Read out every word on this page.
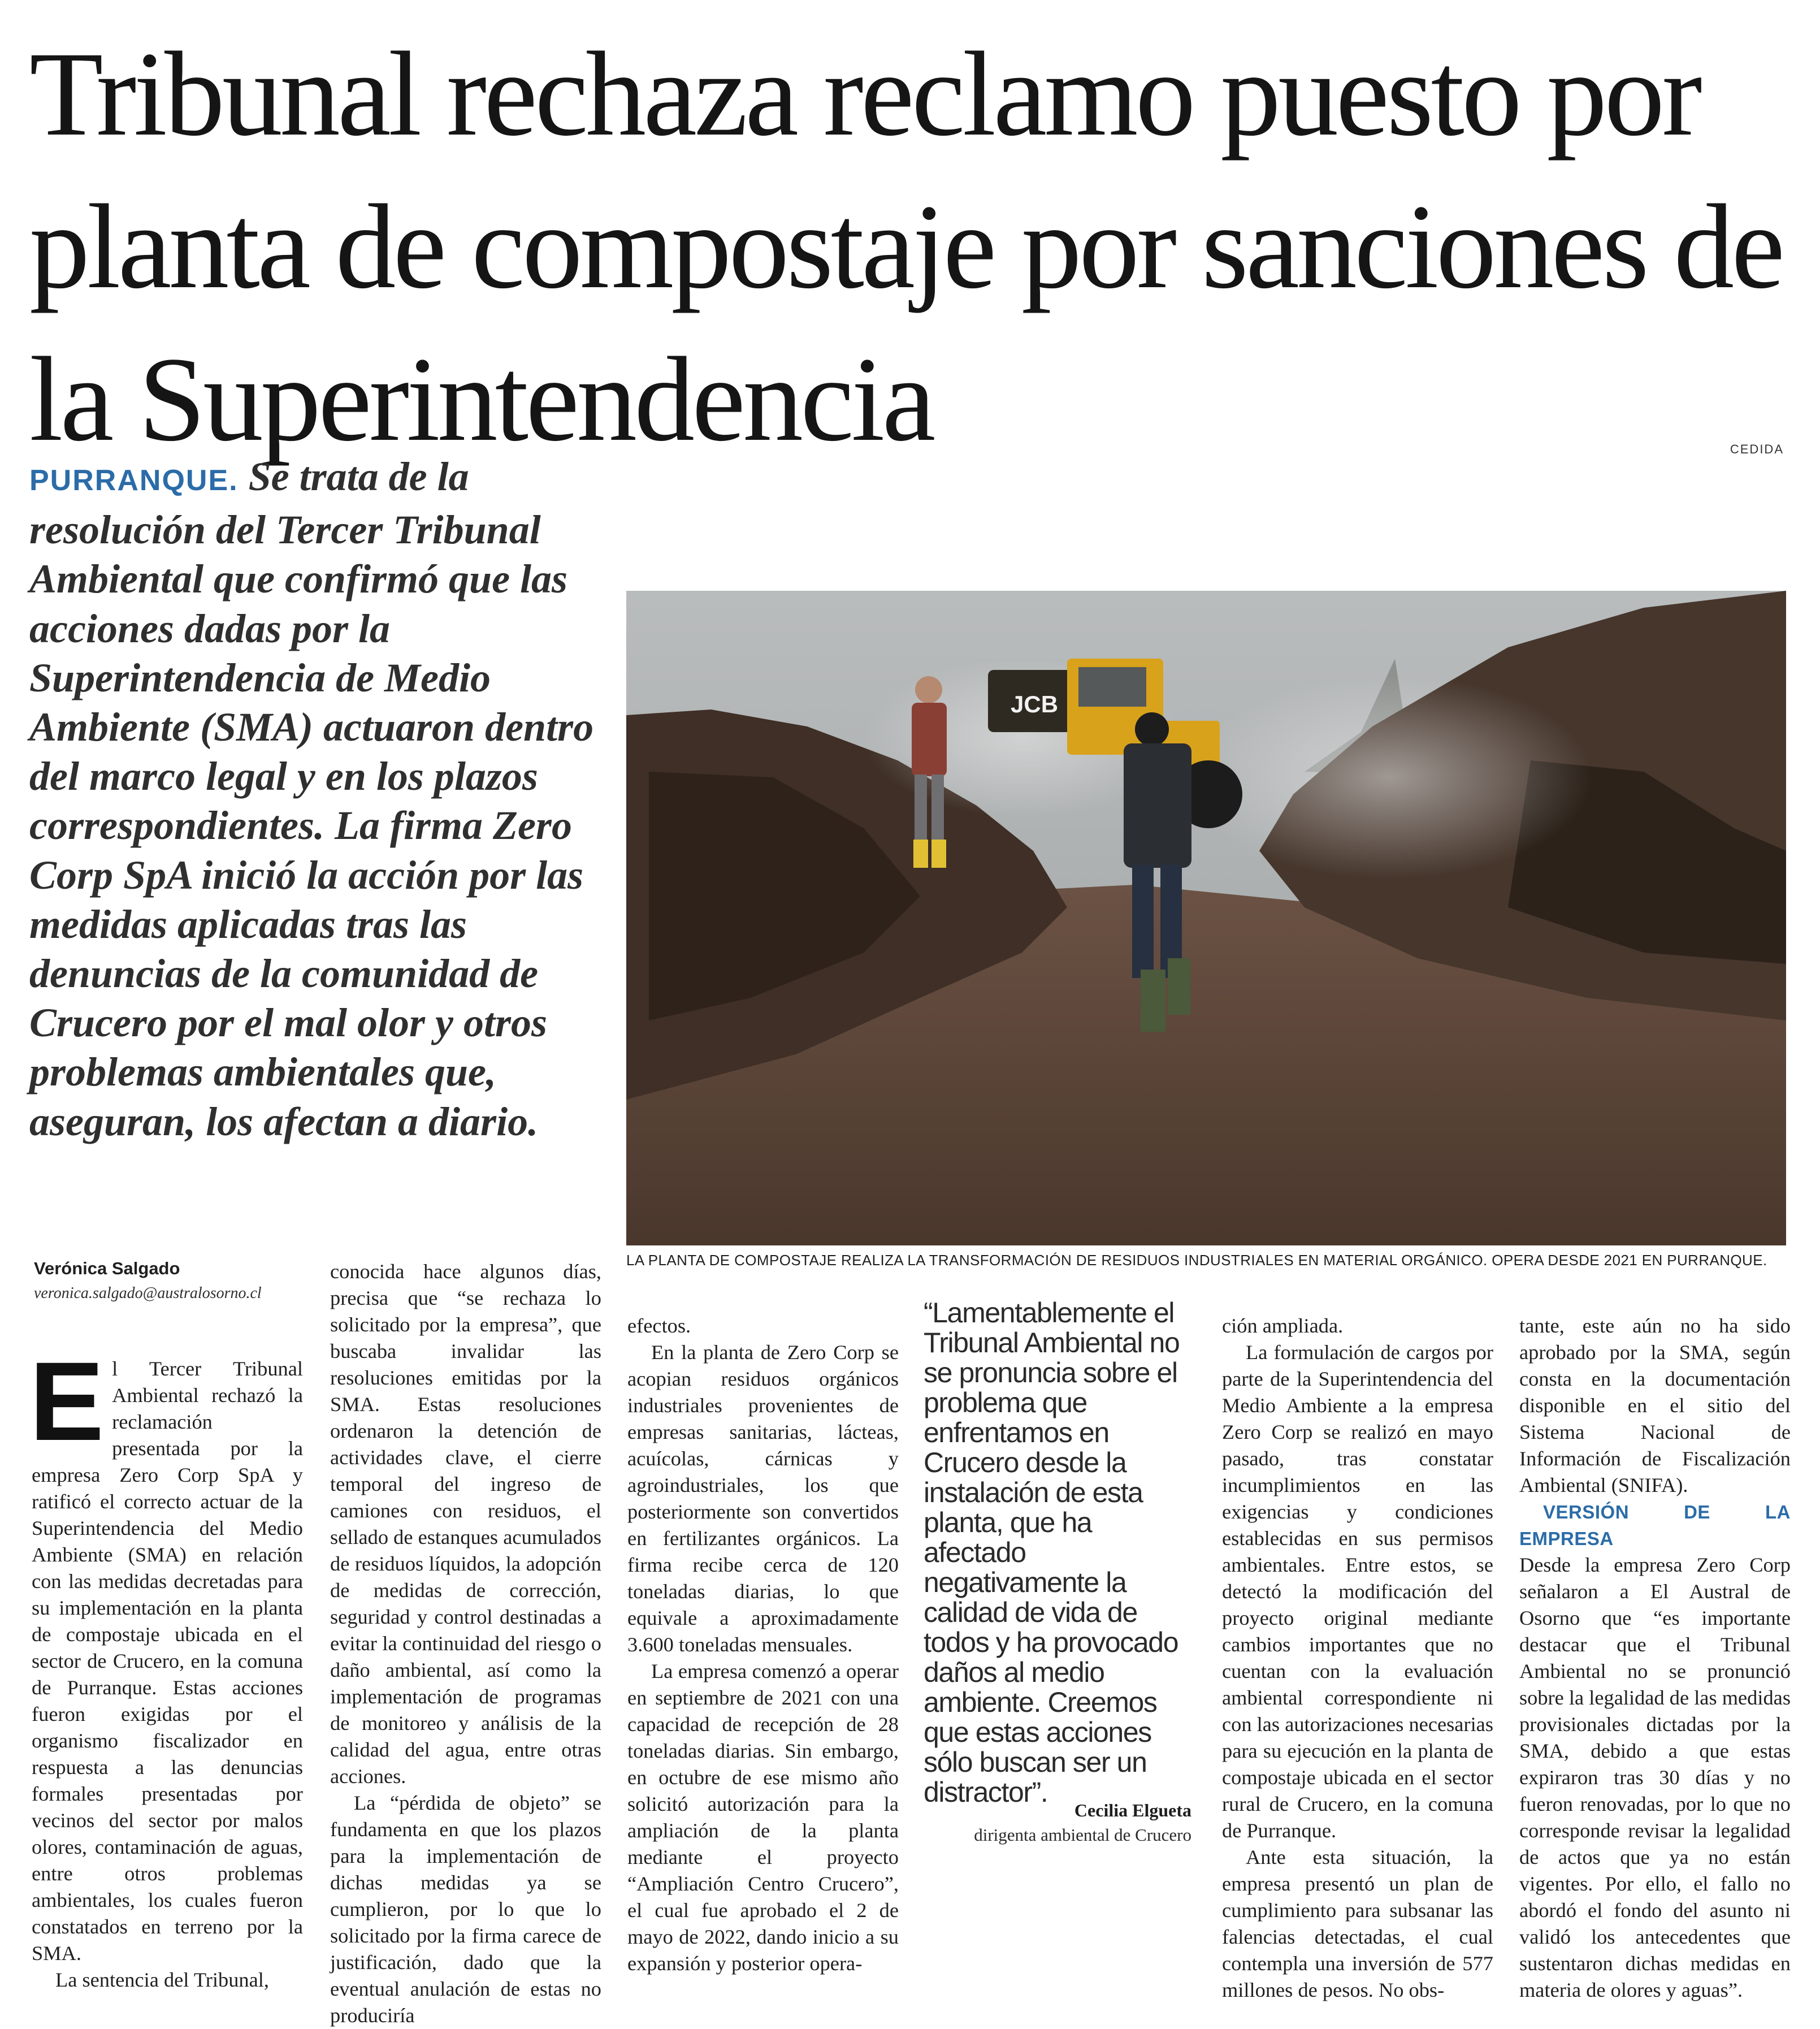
Tribunal rechaza reclamo puesto por planta de compostaje por sanciones de la Superintendencia	CEDIDA

PURRANQUE. Se trata de la resolución del Tercer Tribunal Ambiental que confirmó que las acciones dadas por la Superintendencia de Medio Ambiente (SMA) actuaron dentro del marco legal y en los plazos correspondientes. La firma Zero Corp SpA inició la acción por las medidas aplicadas tras las denuncias de la comunidad de Crucero por el mal olor y otros problemas ambientales que, aseguran, los afectan a diario.

JCB
LA PLANTA DE COMPOSTAJE REALIZA LA TRANSFORMACIÓN DE RESIDUOS INDUSTRIALES EN MATERIAL ORGÁNICO. OPERA DESDE 2021 EN PURRANQUE.
Verónica Salgado
veronica.salgado@australosorno.cl

El Tercer Tribunal Ambiental rechazó la reclamación presentada por la empresa Zero Corp SpA y ratificó el correcto actuar de la Superintendencia del Medio Ambiente (SMA) en relación con las medidas decretadas para su implementación en la planta de compostaje ubicada en el sector de Crucero, en la comuna de Purranque. Estas acciones fueron exigidas por el organismo fiscalizador en respuesta a las denuncias formales presentadas por vecinos del sector por malos olores, contaminación de aguas, entre otros problemas ambientales, los cuales fueron constatados en terreno por la SMA.

La sentencia del Tribunal,

conocida hace algunos días, precisa que “se rechaza lo solicitado por la empresa”, que buscaba invalidar las resoluciones emitidas por la SMA. Estas resoluciones ordenaron la detención de actividades clave, el cierre temporal del ingreso de camiones con residuos, el sellado de estanques acumulados de residuos líquidos, la adopción de medidas de corrección, seguridad y control destinadas a evitar la continuidad del riesgo o daño ambiental, así como la implementación de programas de monitoreo y análisis de la calidad del agua, entre otras acciones.

La “pérdida de objeto” se fundamenta en que los plazos para la implementación de dichas medidas ya se cumplieron, por lo que lo solicitado por la firma carece de justificación, dado que la eventual anulación de estas no produciría

efectos.

En la planta de Zero Corp se acopian residuos orgánicos industriales provenientes de empresas sanitarias, lácteas, acuícolas, cárnicas y agroindustriales, los que posteriormente son convertidos en fertilizantes orgánicos. La firma recibe cerca de 120 toneladas diarias, lo que equivale a aproximadamente 3.600 toneladas mensuales.

La empresa comenzó a operar en septiembre de 2021 con una capacidad de recepción de 28 toneladas diarias. Sin embargo, en octubre de ese mismo año solicitó autorización para la ampliación de la planta mediante el proyecto “Ampliación Centro Crucero”, el cual fue aprobado el 2 de mayo de 2022, dando inicio a su expansión y posterior opera-

“Lamentablemente el Tribunal Ambiental no se pronuncia sobre el problema que enfrentamos en Crucero desde la instalación de esta planta, que ha afectado negativamente la calidad de vida de todos y ha provocado daños al medio ambiente. Creemos que estas acciones sólo buscan ser un distractor”.

Cecilia Elgueta
dirigenta ambiental de Crucero

ción ampliada.

La formulación de cargos por parte de la Superintendencia del Medio Ambiente a la empresa Zero Corp se realizó en mayo pasado, tras constatar incumplimientos en las exigencias y condiciones establecidas en sus permisos ambientales. Entre estos, se detectó la modificación del proyecto original mediante cambios importantes que no cuentan con la evaluación ambiental correspondiente ni con las autorizaciones necesarias para su ejecución en la planta de compostaje ubicada en el sector rural de Crucero, en la comuna de Purranque.

Ante esta situación, la empresa presentó un plan de cumplimiento para subsanar las falencias detectadas, el cual contempla una inversión de 577 millones de pesos. No obs-

tante, este aún no ha sido aprobado por la SMA, según consta en la documentación disponible en el sitio del Sistema Nacional de Información de Fiscalización Ambiental (SNIFA).

VERSIÓN DE LA EMPRESA

Desde la empresa Zero Corp señalaron a El Austral de Osorno que “es importante destacar que el Tribunal Ambiental no se pronunció sobre la legalidad de las medidas provisionales dictadas por la SMA, debido a que estas expiraron tras 30 días y no fueron renovadas, por lo que no corresponde revisar la legalidad de actos que ya no están vigentes. Por ello, el fallo no abordó el fondo del asunto ni validó los antecedentes que sustentaron dichas medidas en materia de olores y aguas”.
